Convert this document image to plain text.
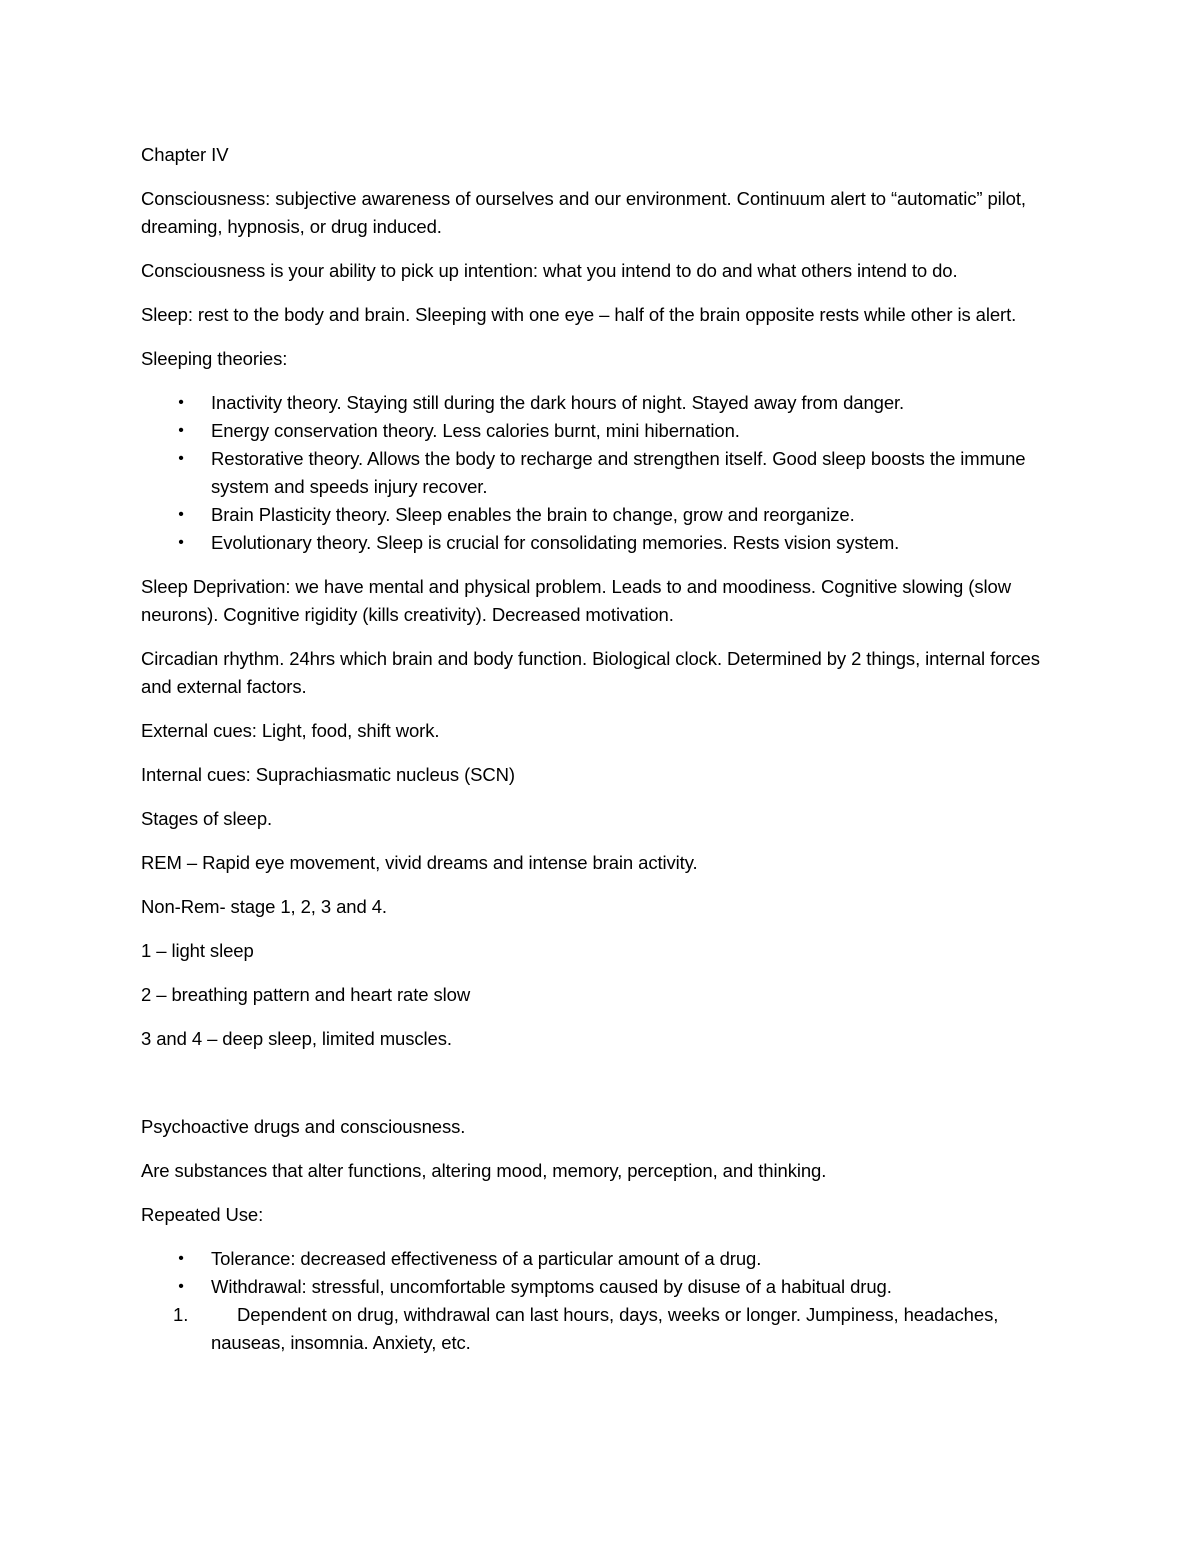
Chapter IV

Consciousness: subjective awareness of ourselves and our environment. Continuum alert to “automatic” pilot, dreaming, hypnosis, or drug induced.

Consciousness is your ability to pick up intention: what you intend to do and what others intend to do.

Sleep: rest to the body and brain. Sleeping with one eye – half of the brain opposite rests while other is alert.

Sleeping theories:

• Inactivity theory. Staying still during the dark hours of night. Stayed away from danger.
• Energy conservation theory. Less calories burnt, mini hibernation.
• Restorative theory. Allows the body to recharge and strengthen itself. Good sleep boosts the immune system and speeds injury recover.
• Brain Plasticity theory. Sleep enables the brain to change, grow and reorganize.
• Evolutionary theory. Sleep is crucial for consolidating memories. Rests vision system.

Sleep Deprivation: we have mental and physical problem. Leads to and moodiness. Cognitive slowing (slow neurons). Cognitive rigidity (kills creativity). Decreased motivation.

Circadian rhythm. 24hrs which brain and body function. Biological clock. Determined by 2 things, internal forces and external factors.

External cues: Light, food, shift work.

Internal cues: Suprachiasmatic nucleus (SCN)

Stages of sleep.

REM – Rapid eye movement, vivid dreams and intense brain activity.

Non-Rem- stage 1, 2, 3 and 4.

1 – light sleep

2 – breathing pattern and heart rate slow

3 and 4 – deep sleep, limited muscles.

Psychoactive drugs and consciousness.

Are substances that alter functions, altering mood, memory, perception, and thinking.

Repeated Use:

• Tolerance: decreased effectiveness of a particular amount of a drug.
• Withdrawal: stressful, uncomfortable symptoms caused by disuse of a habitual drug.
1.	Dependent on drug, withdrawal can last hours, days, weeks or longer. Jumpiness, headaches, nauseas, insomnia. Anxiety, etc.
